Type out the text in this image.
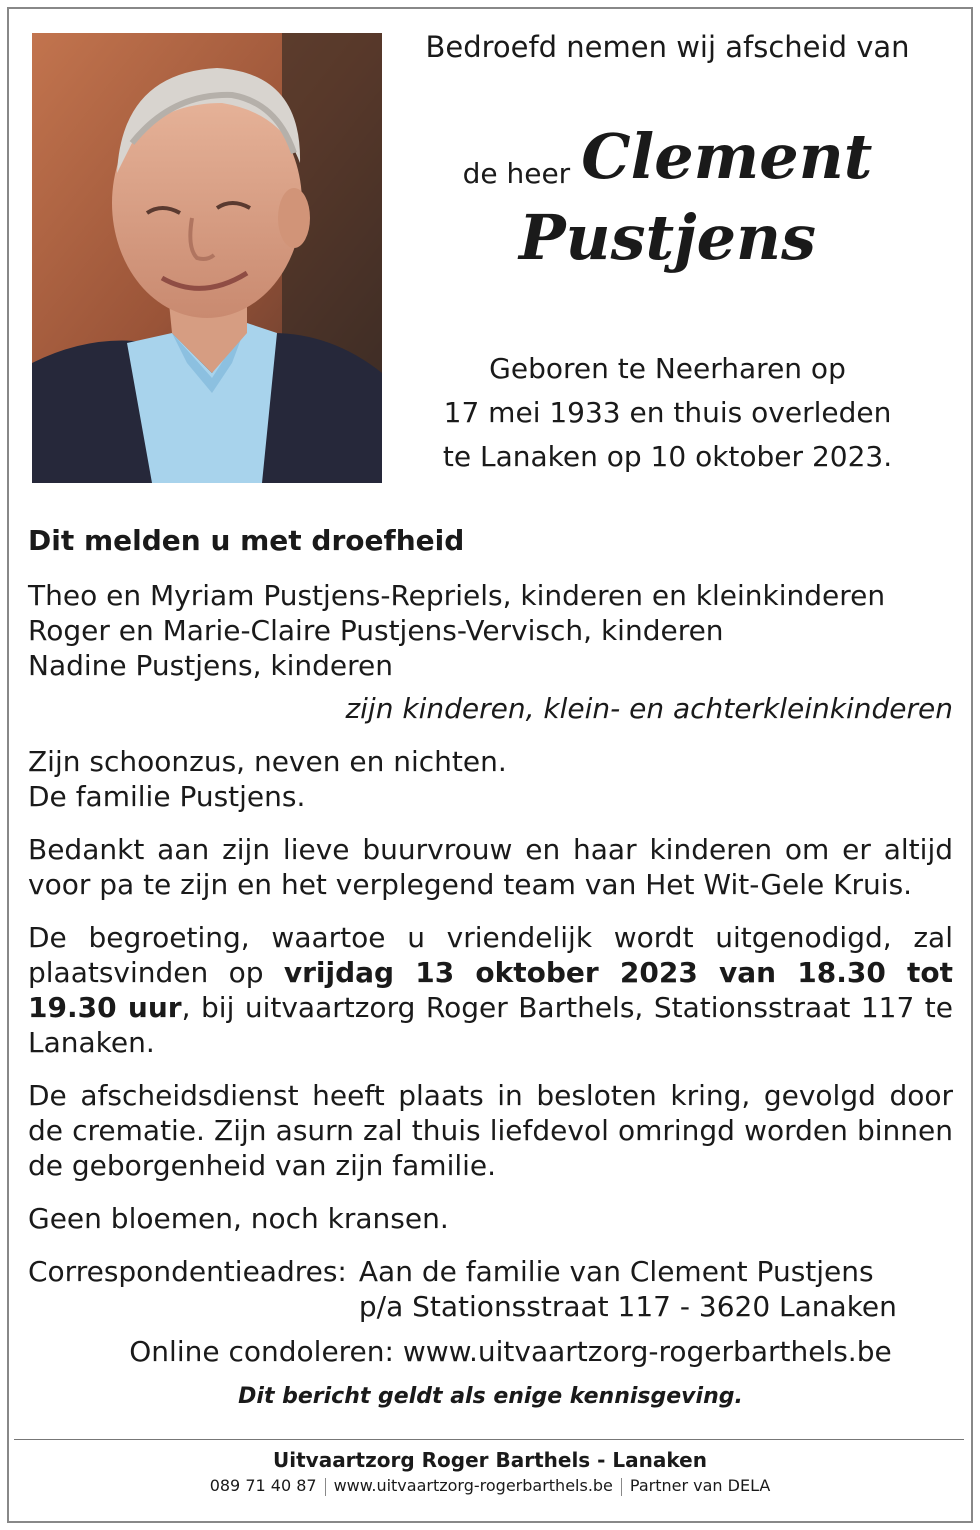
Bedroefd nemen wij afscheid van
de heer Clement
Pustjens
Geboren te Neerharen op
17 mei 1933 en thuis overleden
te Lanaken op 10 oktober 2023.
Dit melden u met droefheid
Theo en Myriam Pustjens-Repriels, kinderen en kleinkinderen
Roger en Marie-Claire Pustjens-Vervisch, kinderen
Nadine Pustjens, kinderen
zijn kinderen, klein- en achterkleinkinderen
Zijn schoonzus, neven en nichten.
De familie Pustjens.
Bedankt aan zijn lieve buurvrouw en haar kinderen om er altijd voor pa te zijn en het verplegend team van Het Wit-Gele Kruis.
De begroeting, waartoe u vriendelijk wordt uitgenodigd, zal plaatsvinden op vrijdag 13 oktober 2023 van 18.30 tot 19.30 uur, bij uitvaartzorg Roger Barthels, Stationsstraat 117 te Lanaken.
De afscheidsdienst heeft plaats in besloten kring, gevolgd door de crematie. Zijn asurn zal thuis liefdevol omringd worden binnen de geborgenheid van zijn familie.
Geen bloemen, noch kransen.
Correspondentieadres: Aan de familie van Clement Pustjens
p/a Stationsstraat 117 - 3620 Lanaken
Online condoleren: www.uitvaartzorg-rogerbarthels.be
Dit bericht geldt als enige kennisgeving.
Uitvaartzorg Roger Barthels - Lanaken
089 71 40 87 www.uitvaartzorg-rogerbarthels.be Partner van DELA
